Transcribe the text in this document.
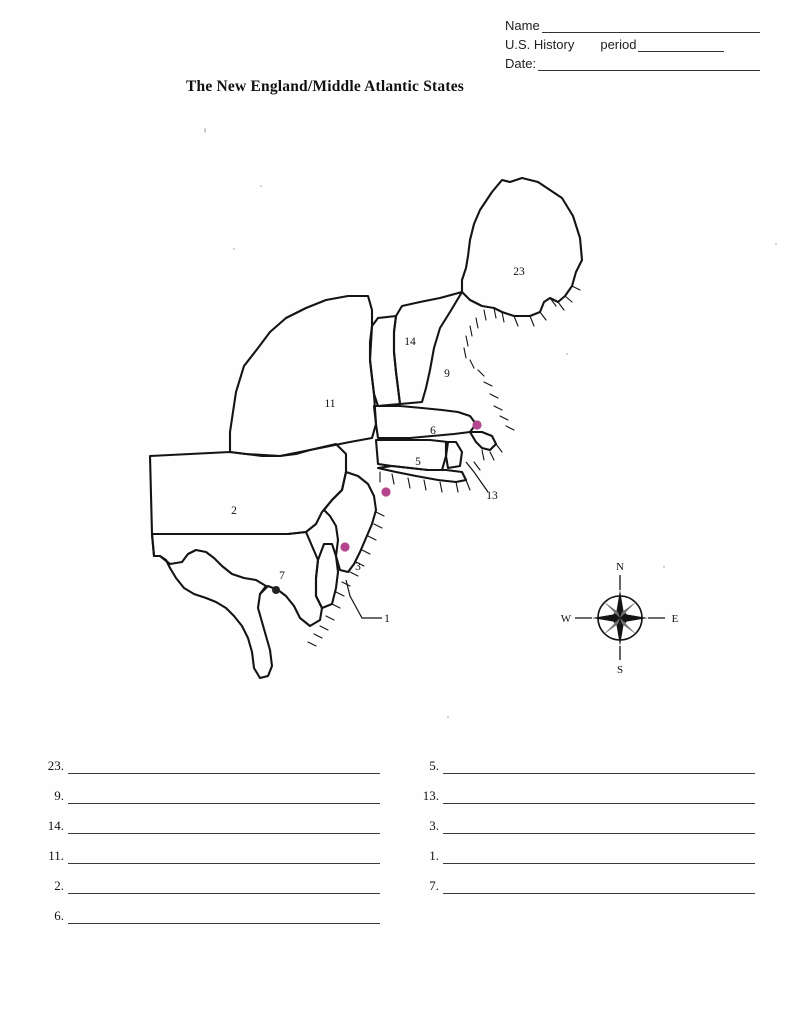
Name
U.S. History period
Date:
The New England/Middle Atlantic States
23
14
9
11
6
5
2
3
7
13
1
N
S
E
W
23.
9.
14.
11.
2.
6.
5.
13.
3.
1.
7.
